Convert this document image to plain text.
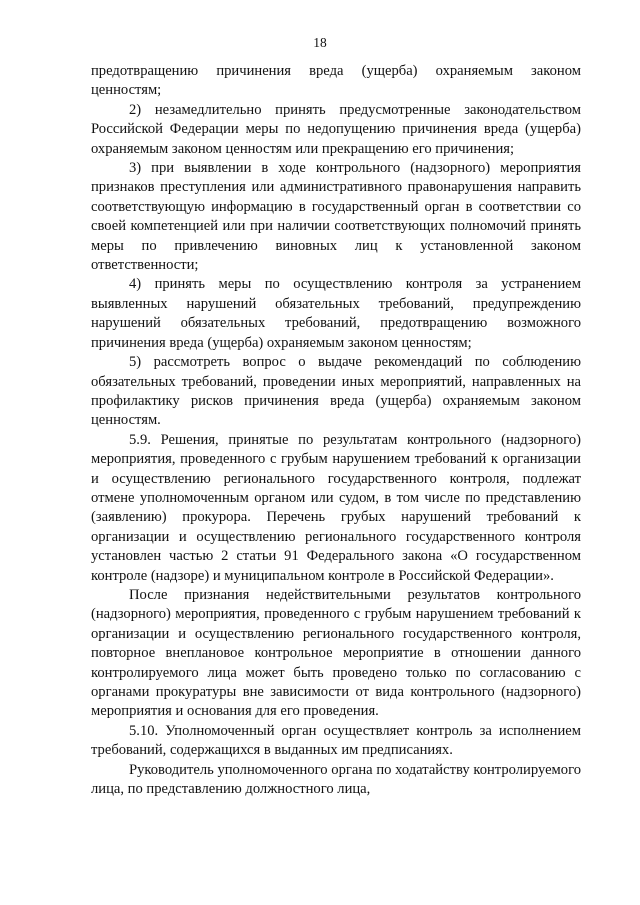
18

предотвращению причинения вреда (ущерба) охраняемым законом ценностям;

2) незамедлительно принять предусмотренные законодательством Российской Федерации меры по недопущению причинения вреда (ущерба) охраняемым законом ценностям или прекращению его причинения;

3) при выявлении в ходе контрольного (надзорного) мероприятия признаков преступления или административного правонарушения направить соответствующую информацию в государственный орган в соответствии со своей компетенцией или при наличии соответствующих полномочий принять меры по привлечению виновных лиц к установленной законом ответственности;

4) принять меры по осуществлению контроля за устранением выявленных нарушений обязательных требований, предупреждению нарушений обязательных требований, предотвращению возможного причинения вреда (ущерба) охраняемым законом ценностям;

5) рассмотреть вопрос о выдаче рекомендаций по соблюдению обязательных требований, проведении иных мероприятий, направленных на профилактику рисков причинения вреда (ущерба) охраняемым законом ценностям.

5.9. Решения, принятые по результатам контрольного (надзорного) мероприятия, проведенного с грубым нарушением требований к организации и осуществлению регионального государственного контроля, подлежат отмене уполномоченным органом или судом, в том числе по представлению (заявлению) прокурора. Перечень грубых нарушений требований к организации и осуществлению регионального государственного контроля установлен частью 2 статьи 91 Федерального закона «О государственном контроле (надзоре) и муниципальном контроле в Российской Федерации».

После признания недействительными результатов контрольного (надзорного) мероприятия, проведенного с грубым нарушением требований к организации и осуществлению регионального государственного контроля, повторное внеплановое контрольное мероприятие в отношении данного контролируемого лица может быть проведено только по согласованию с органами прокуратуры вне зависимости от вида контрольного (надзорного) мероприятия и основания для его проведения.

5.10. Уполномоченный орган осуществляет контроль за исполнением требований, содержащихся в выданных им предписаниях.

Руководитель уполномоченного органа по ходатайству контролируемого лица, по представлению должностного лица,
